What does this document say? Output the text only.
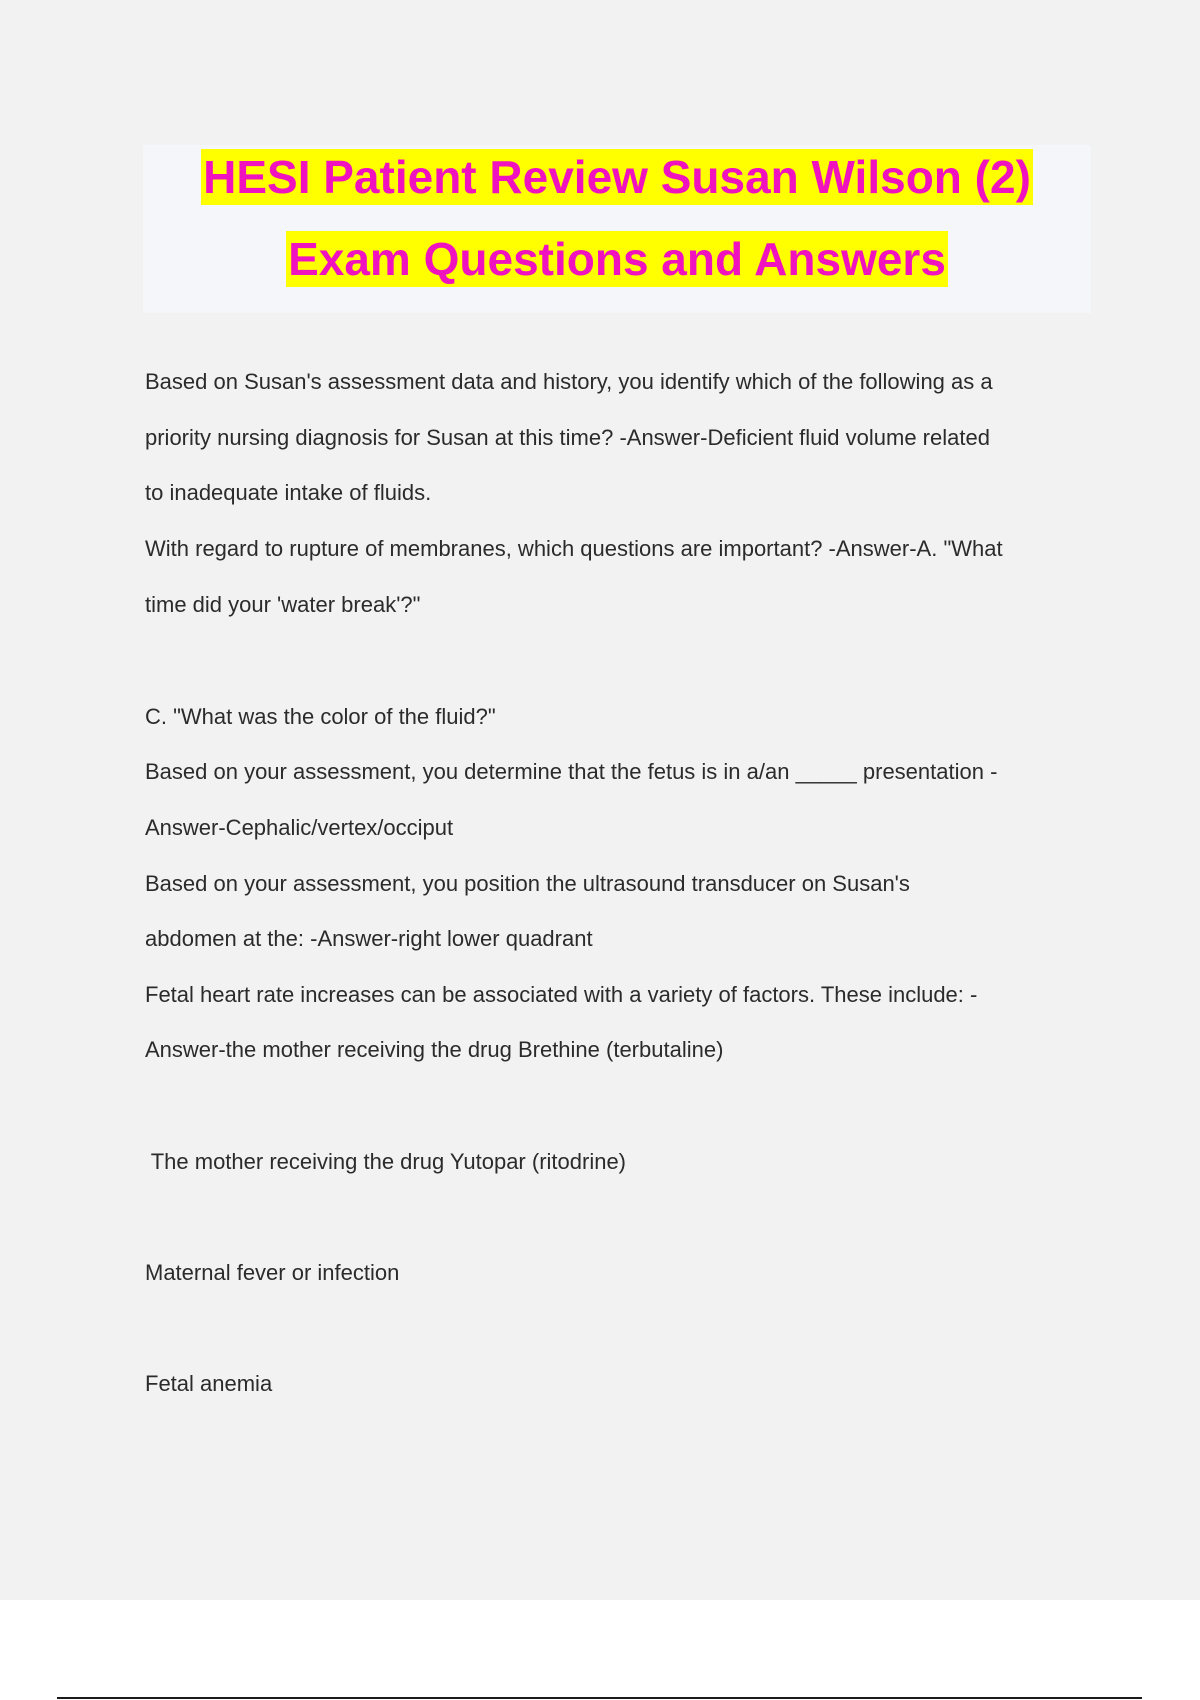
HESI Patient Review Susan Wilson (2)
Exam Questions and Answers
Based on Susan's assessment data and history, you identify which of the following as a
priority nursing diagnosis for Susan at this time? -Answer-Deficient fluid volume related
to inadequate intake of fluids.
With regard to rupture of membranes, which questions are important? -Answer-A. "What
time did your 'water break'?"
C. "What was the color of the fluid?"
Based on your assessment, you determine that the fetus is in a/an _____ presentation -
Answer-Cephalic/vertex/occiput
Based on your assessment, you position the ultrasound transducer on Susan's
abdomen at the: -Answer-right lower quadrant
Fetal heart rate increases can be associated with a variety of factors. These include: -
Answer-the mother receiving the drug Brethine (terbutaline)
The mother receiving the drug Yutopar (ritodrine)
Maternal fever or infection
Fetal anemia
